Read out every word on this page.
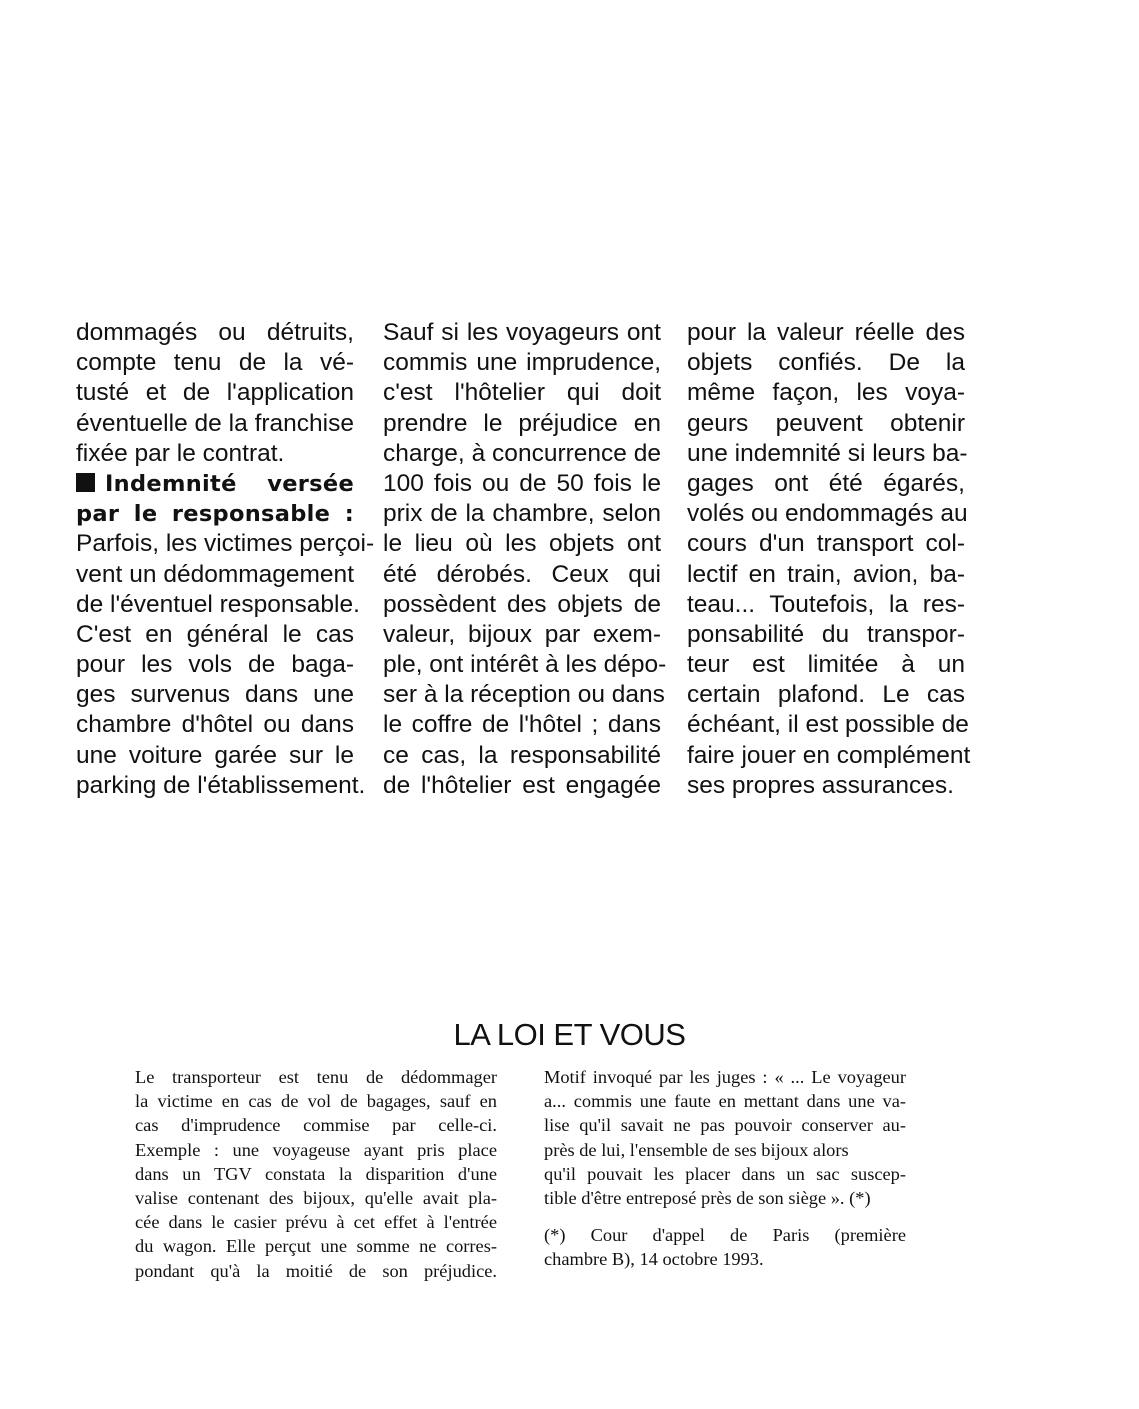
dommagés ou détruits,
compte tenu de la vé-
tusté et de l'application
éventuelle de la franchise
fixée par le contrat.
Indemnité versée
par le responsable :
Parfois, les victimes perçoi-
vent un dédommagement
de l'éventuel responsable.
C'est en général le cas
pour les vols de baga-
ges survenus dans une
chambre d'hôtel ou dans
une voiture garée sur le
parking de l'établissement.
Sauf si les voyageurs ont
commis une imprudence,
c'est l'hôtelier qui doit
prendre le préjudice en
charge, à concurrence de
100 fois ou de 50 fois le
prix de la chambre, selon
le lieu où les objets ont
été dérobés. Ceux qui
possèdent des objets de
valeur, bijoux par exem-
ple, ont intérêt à les dépo-
ser à la réception ou dans
le coffre de l'hôtel ; dans
ce cas, la responsabilité
de l'hôtelier est engagée
pour la valeur réelle des
objets confiés. De la
même façon, les voya-
geurs peuvent obtenir
une indemnité si leurs ba-
gages ont été égarés,
volés ou endommagés au
cours d'un transport col-
lectif en train, avion, ba-
teau... Toutefois, la res-
ponsabilité du transpor-
teur est limitée à un
certain plafond. Le cas
échéant, il est possible de
faire jouer en complément
ses propres assurances.
LA LOI ET VOUS
Le transporteur est tenu de dédommager
la victime en cas de vol de bagages, sauf en
cas d'imprudence commise par celle-ci.
Exemple : une voyageuse ayant pris place
dans un TGV constata la disparition d'une
valise contenant des bijoux, qu'elle avait pla-
cée dans le casier prévu à cet effet à l'entrée
du wagon. Elle perçut une somme ne corres-
pondant qu'à la moitié de son préjudice.
Motif invoqué par les juges : « ... Le voyageur
a... commis une faute en mettant dans une va-
lise qu'il savait ne pas pouvoir conserver au-
près de lui, l'ensemble de ses bijoux alors
qu'il pouvait les placer dans un sac suscep-
tible d'être entreposé près de son siège ». (*)
(*) Cour d'appel de Paris (première
chambre B), 14 octobre 1993.
